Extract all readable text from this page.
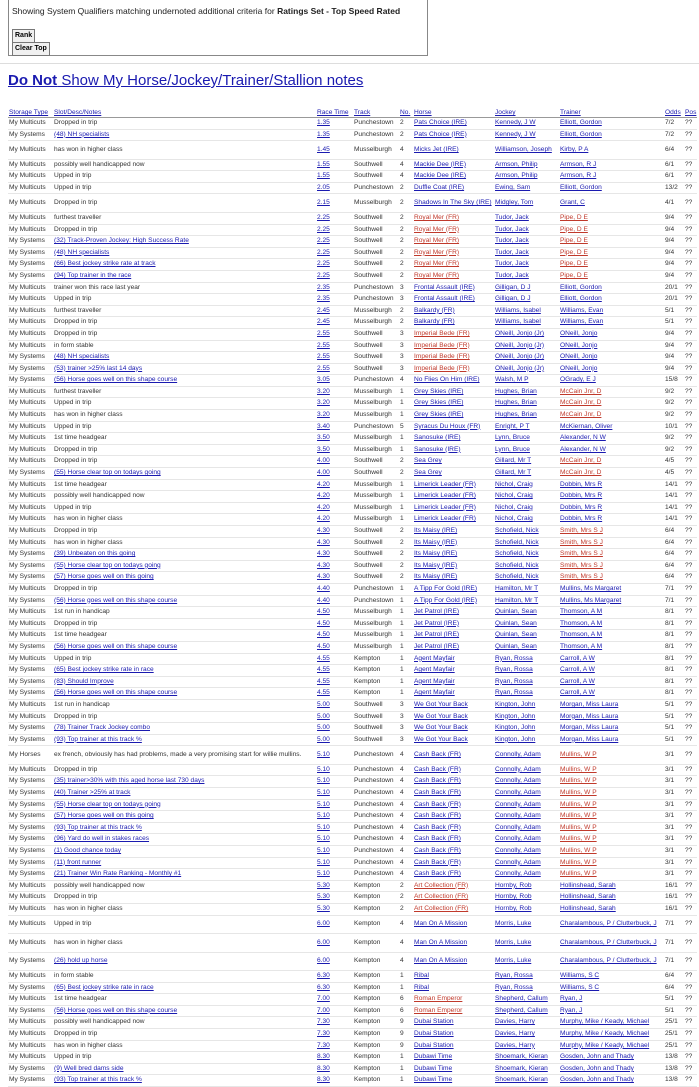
Showing System Qualifiers matching undernoted additional criteria for Ratings Set - Top Speed Rated
Rank
Clear Top
Do Not Show My Horse/Jockey/Trainer/Stallion notes
Storage Type	Slot/Desc/Notes	Race Time	Track	No.	Horse	Jockey	Trainer	Odds	Pos
My Multicuts	Dropped in trip	1.35	Punchestown	2	Pats Choice (IRE)	Kennedy, J W	Elliott, Gordon	7/2	??
My Systems	(48) NH specialists	1.35	Punchestown	2	Pats Choice (IRE)	Kennedy, J W	Elliott, Gordon	7/2	??
My Multicuts	has won in higher class	1.45	Musselburgh	4	Micks Jet (IRE)	Williamson, Joseph	Kirby, P A	6/4	??
My Multicuts	possibly well handicapped now	1.55	Southwell	4	Mackie Dee (IRE)	Armson, Philip	Armson, R J	6/1	??
My Multicuts	Upped in trip	1.55	Southwell	4	Mackie Dee (IRE)	Armson, Philip	Armson, R J	6/1	??
My Multicuts	Upped in trip	2.05	Punchestown	2	Duffle Coat (IRE)	Ewing, Sam	Elliott, Gordon	13/2	??
My Multicuts	Dropped in trip	2.15	Musselburgh	2	Shadows In The Sky (IRE)	Midgley, Tom	Grant, C	4/1	??
My Multicuts	furthest traveller	2.25	Southwell	2	Royal Mer (FR)	Tudor, Jack	Pipe, D E	9/4	??
My Multicuts	Dropped in trip	2.25	Southwell	2	Royal Mer (FR)	Tudor, Jack	Pipe, D E	9/4	??
My Systems	(32) Track-Proven Jockey: High Success Rate	2.25	Southwell	2	Royal Mer (FR)	Tudor, Jack	Pipe, D E	9/4	??
My Systems	(48) NH specialists	2.25	Southwell	2	Royal Mer (FR)	Tudor, Jack	Pipe, D E	9/4	??
My Systems	(66) Best jockey strike rate at track	2.25	Southwell	2	Royal Mer (FR)	Tudor, Jack	Pipe, D E	9/4	??
My Systems	(94) Top trainer in the race	2.25	Southwell	2	Royal Mer (FR)	Tudor, Jack	Pipe, D E	9/4	??
My Multicuts	trainer won this race last year	2.35	Punchestown	3	Frontal Assault (IRE)	Gilligan, D J	Elliott, Gordon	20/1	??
My Multicuts	Upped in trip	2.35	Punchestown	3	Frontal Assault (IRE)	Gilligan, D J	Elliott, Gordon	20/1	??
My Multicuts	furthest traveller	2.45	Musselburgh	2	Balkardy (FR)	Williams, Isabel	Williams, Evan	5/1	??
My Multicuts	Dropped in trip	2.45	Musselburgh	2	Balkardy (FR)	Williams, Isabel	Williams, Evan	5/1	??
My Multicuts	Dropped in trip	2.55	Southwell	3	Imperial Bede (FR)	ONeill, Jonjo (Jr)	ONeill, Jonjo	9/4	??
My Multicuts	in form stable	2.55	Southwell	3	Imperial Bede (FR)	ONeill, Jonjo (Jr)	ONeill, Jonjo	9/4	??
My Systems	(48) NH specialists	2.55	Southwell	3	Imperial Bede (FR)	ONeill, Jonjo (Jr)	ONeill, Jonjo	9/4	??
My Systems	(53) trainer >25% last 14 days	2.55	Southwell	3	Imperial Bede (FR)	ONeill, Jonjo (Jr)	ONeill, Jonjo	9/4	??
My Systems	(56) Horse goes well on this shape course	3.05	Punchestown	4	No Flies On Him (IRE)	Walsh, M P	OGrady, E J	15/8	??
My Multicuts	furthest traveller	3.20	Musselburgh	1	Grey Skies (IRE)	Hughes, Brian	McCain Jnr, D	9/2	??
My Multicuts	Upped in trip	3.20	Musselburgh	1	Grey Skies (IRE)	Hughes, Brian	McCain Jnr, D	9/2	??
My Multicuts	has won in higher class	3.20	Musselburgh	1	Grey Skies (IRE)	Hughes, Brian	McCain Jnr, D	9/2	??
My Multicuts	Upped in trip	3.40	Punchestown	5	Syracus Du Houx (FR)	Enright, P T	McKiernan, Oliver	10/1	??
My Multicuts	1st time headgear	3.50	Musselburgh	1	Sanosuke (IRE)	Lynn, Bruce	Alexander, N W	9/2	??
My Multicuts	Dropped in trip	3.50	Musselburgh	1	Sanosuke (IRE)	Lynn, Bruce	Alexander, N W	9/2	??
My Multicuts	Dropped in trip	4.00	Southwell	2	Sea Grey	Gillard, Mr T	McCain Jnr, D	4/5	??
My Systems	(55) Horse clear top on todays going	4.00	Southwell	2	Sea Grey	Gillard, Mr T	McCain Jnr, D	4/5	??
My Multicuts	1st time headgear	4.20	Musselburgh	1	Limerick Leader (FR)	Nichol, Craig	Dobbin, Mrs R	14/1	??
My Multicuts	possibly well handicapped now	4.20	Musselburgh	1	Limerick Leader (FR)	Nichol, Craig	Dobbin, Mrs R	14/1	??
My Multicuts	Upped in trip	4.20	Musselburgh	1	Limerick Leader (FR)	Nichol, Craig	Dobbin, Mrs R	14/1	??
My Multicuts	has won in higher class	4.20	Musselburgh	1	Limerick Leader (FR)	Nichol, Craig	Dobbin, Mrs R	14/1	??
My Multicuts	Dropped in trip	4.30	Southwell	2	Its Maisy (IRE)	Schofield, Nick	Smith, Mrs S J	6/4	??
My Multicuts	has won in higher class	4.30	Southwell	2	Its Maisy (IRE)	Schofield, Nick	Smith, Mrs S J	6/4	??
My Systems	(39) Unbeaten on this going	4.30	Southwell	2	Its Maisy (IRE)	Schofield, Nick	Smith, Mrs S J	6/4	??
My Systems	(55) Horse clear top on todays going	4.30	Southwell	2	Its Maisy (IRE)	Schofield, Nick	Smith, Mrs S J	6/4	??
My Systems	(57) Horse goes well on this going	4.30	Southwell	2	Its Maisy (IRE)	Schofield, Nick	Smith, Mrs S J	6/4	??
My Multicuts	Dropped in trip	4.40	Punchestown	1	A Tipp For Gold (IRE)	Hamilton, Mr T	Mullins, Ms Margaret	7/1	??
My Systems	(56) Horse goes well on this shape course	4.40	Punchestown	1	A Tipp For Gold (IRE)	Hamilton, Mr T	Mullins, Ms Margaret	7/1	??
My Multicuts	1st run in handicap	4.50	Musselburgh	1	Jet Patrol (IRE)	Quinlan, Sean	Thomson, A M	8/1	??
My Multicuts	Dropped in trip	4.50	Musselburgh	1	Jet Patrol (IRE)	Quinlan, Sean	Thomson, A M	8/1	??
My Multicuts	1st time headgear	4.50	Musselburgh	1	Jet Patrol (IRE)	Quinlan, Sean	Thomson, A M	8/1	??
My Systems	(56) Horse goes well on this shape course	4.50	Musselburgh	1	Jet Patrol (IRE)	Quinlan, Sean	Thomson, A M	8/1	??
My Multicuts	Upped in trip	4.55	Kempton	1	Agent Mayfair	Ryan, Rossa	Carroll, A W	8/1	??
My Systems	(65) Best jockey strike rate in race	4.55	Kempton	1	Agent Mayfair	Ryan, Rossa	Carroll, A W	8/1	??
My Systems	(83) Should Improve	4.55	Kempton	1	Agent Mayfair	Ryan, Rossa	Carroll, A W	8/1	??
My Systems	(56) Horse goes well on this shape course	4.55	Kempton	1	Agent Mayfair	Ryan, Rossa	Carroll, A W	8/1	??
My Multicuts	1st run in handicap	5.00	Southwell	3	We Got Your Back	Kington, John	Morgan, Miss Laura	5/1	??
My Multicuts	Dropped in trip	5.00	Southwell	3	We Got Your Back	Kington, John	Morgan, Miss Laura	5/1	??
My Systems	(78) Trainer Track Jockey combo	5.00	Southwell	3	We Got Your Back	Kington, John	Morgan, Miss Laura	5/1	??
My Systems	(93) Top trainer at this track %	5.00	Southwell	3	We Got Your Back	Kington, John	Morgan, Miss Laura	5/1	??
My Horses	ex french, obviously has had problems, made a very promising start for willie mullins.	5.10	Punchestown	4	Cash Back (FR)	Connolly, Adam	Mullins, W P	3/1	??
My Multicuts	Dropped in trip	5.10	Punchestown	4	Cash Back (FR)	Connolly, Adam	Mullins, W P	3/1	??
My Systems	(35) trainer>30% with this aged horse last 730 days	5.10	Punchestown	4	Cash Back (FR)	Connolly, Adam	Mullins, W P	3/1	??
My Systems	(40) Trainer >25% at track	5.10	Punchestown	4	Cash Back (FR)	Connolly, Adam	Mullins, W P	3/1	??
My Systems	(55) Horse clear top on todays going	5.10	Punchestown	4	Cash Back (FR)	Connolly, Adam	Mullins, W P	3/1	??
My Systems	(57) Horse goes well on this going	5.10	Punchestown	4	Cash Back (FR)	Connolly, Adam	Mullins, W P	3/1	??
My Systems	(93) Top trainer at this track %	5.10	Punchestown	4	Cash Back (FR)	Connolly, Adam	Mullins, W P	3/1	??
My Systems	(96) Yard do well in stakes races	5.10	Punchestown	4	Cash Back (FR)	Connolly, Adam	Mullins, W P	3/1	??
My Systems	(1) Good chance today	5.10	Punchestown	4	Cash Back (FR)	Connolly, Adam	Mullins, W P	3/1	??
My Systems	(11) front runner	5.10	Punchestown	4	Cash Back (FR)	Connolly, Adam	Mullins, W P	3/1	??
My Systems	(21) Trainer Win Rate Ranking - Monthly #1	5.10	Punchestown	4	Cash Back (FR)	Connolly, Adam	Mullins, W P	3/1	??
My Multicuts	possibly well handicapped now	5.30	Kempton	2	Art Collection (FR)	Hornby, Rob	Hollinshead, Sarah	16/1	??
My Multicuts	Dropped in trip	5.30	Kempton	2	Art Collection (FR)	Hornby, Rob	Hollinshead, Sarah	16/1	??
My Multicuts	has won in higher class	5.30	Kempton	2	Art Collection (FR)	Hornby, Rob	Hollinshead, Sarah	16/1	??
My Multicuts	Upped in trip	6.00	Kempton	4	Man On A Mission	Morris, Luke	Charalambous, P / Clutterbuck, J	7/1	??
My Multicuts	has won in higher class	6.00	Kempton	4	Man On A Mission	Morris, Luke	Charalambous, P / Clutterbuck, J	7/1	??
My Systems	(26) hold up horse	6.00	Kempton	4	Man On A Mission	Morris, Luke	Charalambous, P / Clutterbuck, J	7/1	??
My Multicuts	in form stable	6.30	Kempton	1	Ribal	Ryan, Rossa	Williams, S C	6/4	??
My Systems	(65) Best jockey strike rate in race	6.30	Kempton	1	Ribal	Ryan, Rossa	Williams, S C	6/4	??
My Multicuts	1st time headgear	7.00	Kempton	6	Roman Emperor	Shepherd, Callum	Ryan, J	5/1	??
My Systems	(56) Horse goes well on this shape course	7.00	Kempton	6	Roman Emperor	Shepherd, Callum	Ryan, J	5/1	??
My Multicuts	possibly well handicapped now	7.30	Kempton	9	Dubai Station	Davies, Harry	Murphy, Mike / Keady, Michael	25/1	??
My Multicuts	Dropped in trip	7.30	Kempton	9	Dubai Station	Davies, Harry	Murphy, Mike / Keady, Michael	25/1	??
My Multicuts	has won in higher class	7.30	Kempton	9	Dubai Station	Davies, Harry	Murphy, Mike / Keady, Michael	25/1	??
My Multicuts	Upped in trip	8.30	Kempton	1	Dubawi Time	Shoemark, Kieran	Gosden, John and Thady	13/8	??
My Systems	(9) Well bred dams side	8.30	Kempton	1	Dubawi Time	Shoemark, Kieran	Gosden, John and Thady	13/8	??
My Systems	(93) Top trainer at this track %	8.30	Kempton	1	Dubawi Time	Shoemark, Kieran	Gosden, John and Thady	13/8	??
